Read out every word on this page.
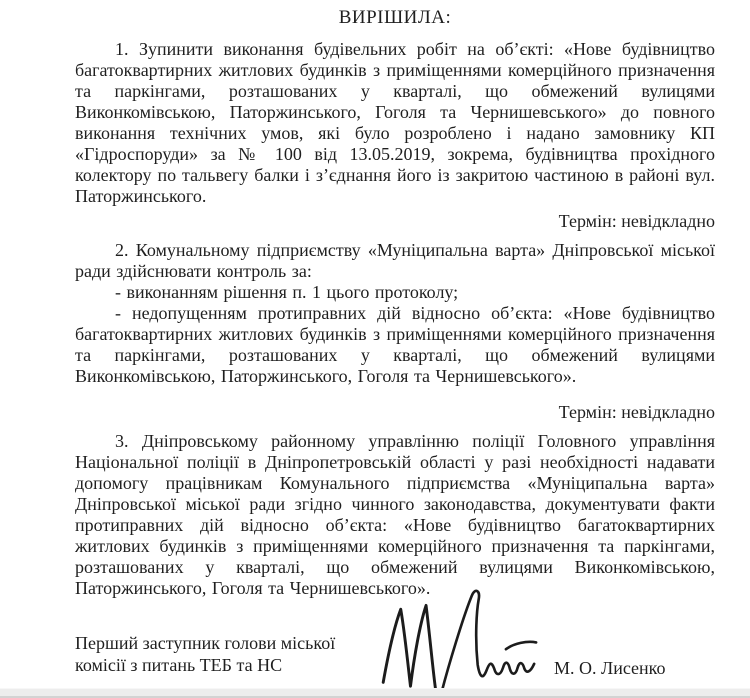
ВИРІШИЛА:

1. Зупинити виконання будівельних робіт на об’єкті: «Нове будівництво багатоквартирних житлових будинків з приміщеннями комерційного призначення та паркінгами, розташованих у кварталі, що обмежений вулицями Виконкомівською, Паторжинського, Гоголя та Чернишевського» до повного виконання технічних умов, які було розроблено і надано замовнику КП «Гідроспоруди» за № 100 від 13.05.2019, зокрема, будівництва прохідного колектору по тальвегу балки і з’єднання його із закритою частиною в районі вул. Паторжинського.

Термін: невідкладно

2. Комунальному підприємству «Муніципальна варта» Дніпровської міської ради здійснювати контроль за:

- виконанням рішення п. 1 цього протоколу;

- недопущенням протиправних дій відносно об’єкта: «Нове будівництво багатоквартирних житлових будинків з приміщеннями комерційного призначення та паркінгами, розташованих у кварталі, що обмежений вулицями Виконкомівською, Паторжинського, Гоголя та Чернишевського».

Термін: невідкладно

3. Дніпровському районному управлінню поліції Головного управління Національної поліції в Дніпропетровській області у разі необхідності надавати допомогу працівникам Комунального підприємства «Муніципальна варта» Дніпровської міської ради згідно чинного законодавства, документувати факти протиправних дій відносно об’єкта: «Нове будівництво багатоквартирних житлових будинків з приміщеннями комерційного призначення та паркінгами, розташованих у кварталі, що обмежений вулицями Виконкомівською, Паторжинського, Гоголя та Чернишевського».

Перший заступник голови міської комісії з питань ТЕБ та НС	М. О. Лисенко
